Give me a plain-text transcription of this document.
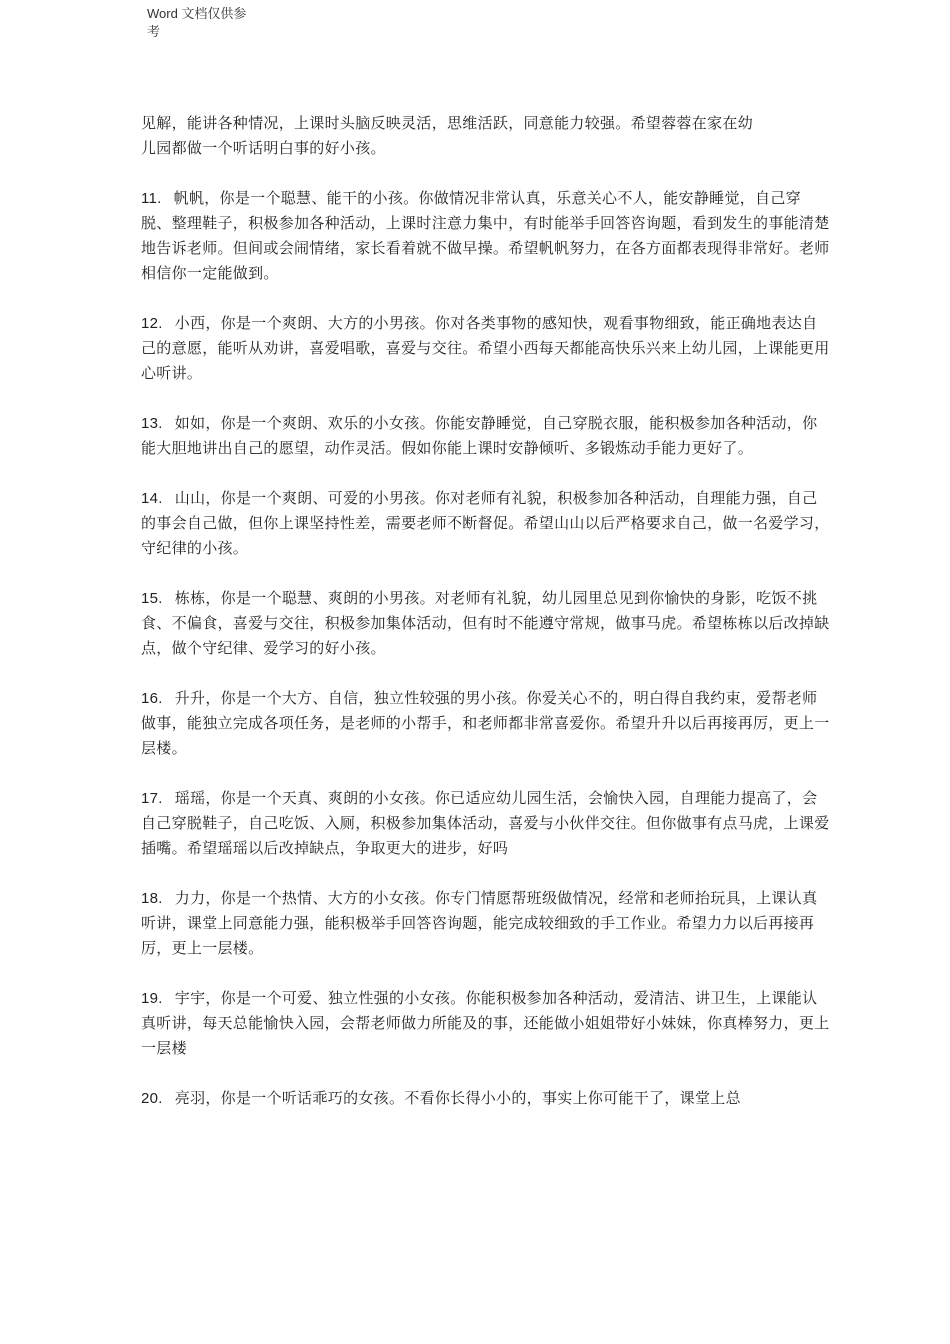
Word 文档仅供参
考

见解，能讲各种情况，上课时头脑反映灵活，思维活跃，同意能力较强。希望蓉蓉在家在幼
儿园都做一个听话明白事的好小孩。

11. 帆帆，你是一个聪慧、能干的小孩。你做情况非常认真，乐意关心不人，能安静睡觉，自己穿脱、整理鞋子，积极参加各种活动，上课时注意力集中，有时能举手回答咨询题，看到发生的事能清楚地告诉老师。但间或会闹情绪，家长看着就不做早操。希望帆帆努力，在各方面都表现得非常好。老师相信你一定能做到。

12. 小西，你是一个爽朗、大方的小男孩。你对各类事物的感知快，观看事物细致，能正确地表达自己的意愿，能听从劝讲，喜爱唱歌，喜爱与交往。希望小西每天都能高快乐兴来上幼儿园，上课能更用心听讲。

13. 如如，你是一个爽朗、欢乐的小女孩。你能安静睡觉，自己穿脱衣服，能积极参加各种活动，你能大胆地讲出自己的愿望，动作灵活。假如你能上课时安静倾听、多锻炼动手能力更好了。

14. 山山，你是一个爽朗、可爱的小男孩。你对老师有礼貌，积极参加各种活动，自理能力强，自己的事会自己做，但你上课坚持性差，需要老师不断督促。希望山山以后严格要求自己，做一名爱学习，守纪律的小孩。

15. 栋栋，你是一个聪慧、爽朗的小男孩。对老师有礼貌，幼儿园里总见到你愉快的身影，吃饭不挑食、不偏食，喜爱与交往，积极参加集体活动，但有时不能遵守常规，做事马虎。希望栋栋以后改掉缺点，做个守纪律、爱学习的好小孩。

16. 升升，你是一个大方、自信，独立性较强的男小孩。你爱关心不的，明白得自我约束，爱帮老师做事，能独立完成各项任务，是老师的小帮手，和老师都非常喜爱你。希望升升以后再接再厉，更上一层楼。

17. 瑶瑶，你是一个天真、爽朗的小女孩。你已适应幼儿园生活，会愉快入园，自理能力提高了，会自己穿脱鞋子，自己吃饭、入厕，积极参加集体活动，喜爱与小伙伴交往。但你做事有点马虎，上课爱插嘴。希望瑶瑶以后改掉缺点，争取更大的进步，好吗

18. 力力，你是一个热情、大方的小女孩。你专门情愿帮班级做情况，经常和老师抬玩具，上课认真听讲，课堂上同意能力强，能积极举手回答咨询题，能完成较细致的手工作业。希望力力以后再接再厉，更上一层楼。

19. 宇宇，你是一个可爱、独立性强的小女孩。你能积极参加各种活动，爱清洁、讲卫生，上课能认真听讲，每天总能愉快入园，会帮老师做力所能及的事，还能做小姐姐带好小妹妹，你真棒努力，更上一层楼

20. 亮羽，你是一个听话乖巧的女孩。不看你长得小小的，事实上你可能干了，课堂上总
